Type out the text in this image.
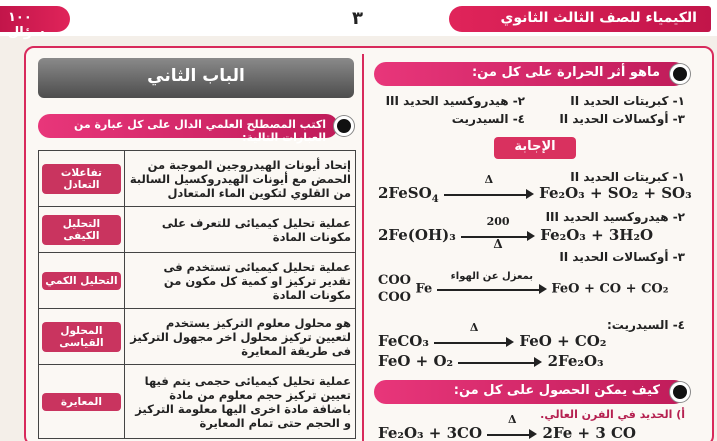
الكيمياء للصف الثالث الثانوي
٣
١٠٠ سؤال
ماهو أثر الحرارة على كل من:
١- كبريتات الحديد II
٢- هيدروكسيد الحديد III
٣- أوكسالات الحديد II
٤- السيدريت
الإجابة
١- كبريتات الحديد II
2FeSO$_4$
Δ
Fe₂O₃ + SO₂ + SO₃
٢- هيدروكسيد الحديد III
2Fe(OH)₃
200
Δ	Fe₂O₃ + 3H₂O
٣- أوكسالات الحديد II
COO
COO
Fe
بمعزل عن الهواء
FeO + CO + CO₂
٤- السيدريت:
FeCO₃
Δ
FeO + CO₂
FeO + O₂	2Fe₂O₃
كيف يمكن الحصول على كل من:
أ) الحديد في الفرن العالي.
Fe₂O₃ + 3CO
Δ
2Fe + 3 CO
الباب الثاني
اكتب المصطلح العلمي الدال على كل عبارة من العبارات التالية:
تفاعلات التعادل	إتحاد أيونات الهيدروجين الموجبة من الحمض مع أيونات الهيدروكسيل السالبة من القلوي لتكوين الماء المتعادل

التحليل الكيفى	عملية تحليل كيميائى للتعرف على مكونات المادة

التحليل الكمي	عملية تحليل كيميائى تستخدم فى تقدير تركيز او كمية كل مكون من مكونات المادة

المحلول القياسى	هو محلول معلوم التركيز يستخدم لتعيين تركيز محلول اخر مجهول التركيز فى طريقة المعايرة

المعايرة	عملية تحليل كيميائى حجمى يتم فيها تعيين تركيز حجم معلوم من مادة باضافة مادة اخرى اليها معلومة التركيز و الحجم حتى تمام المعايرة
